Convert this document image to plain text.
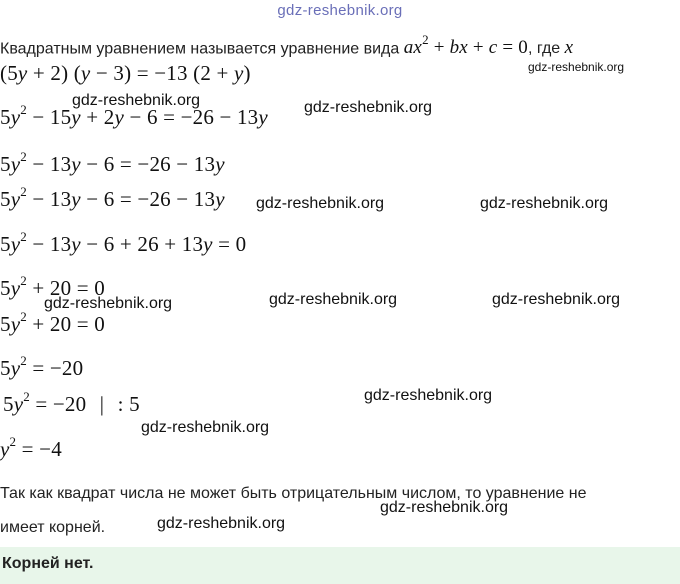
gdz-reshebnik.org
Квадратным уравнением называется уравнение вида $ax^2$ + bx + c = 0, где x
gdz-reshebnik.org
(5y + 2) (y − 3) = −13 (2 + y)
gdz-reshebnik.org
$5y^2 - 15y + 2y - 6 = -26 - 13y$ gdz-reshebnik.org
$5y^2 - 13y - 6 = -26 - 13y$
$5y^2 - 13y - 6 = -26 - 13y$ gdz-reshebnik.org	gdz-reshebnik.org
$5y^2 - 13y - 6 + 26 + 13y = 0$
$5y^2 + 20 = 0$
gdz-reshebnik.org	gdz-reshebnik.org	gdz-reshebnik.org
$5y^2 + 20 = 0$
$5y^2 = -20$
$5y^2 = -20$ | : 5	gdz-reshebnik.org
gdz-reshebnik.org
$y^2 = -4$
Так как квадрат числа не может быть отрицательным числом, то уравнение не
имеет корней.	gdz-reshebnik.org
gdz-reshebnik.org
Корней нет.
